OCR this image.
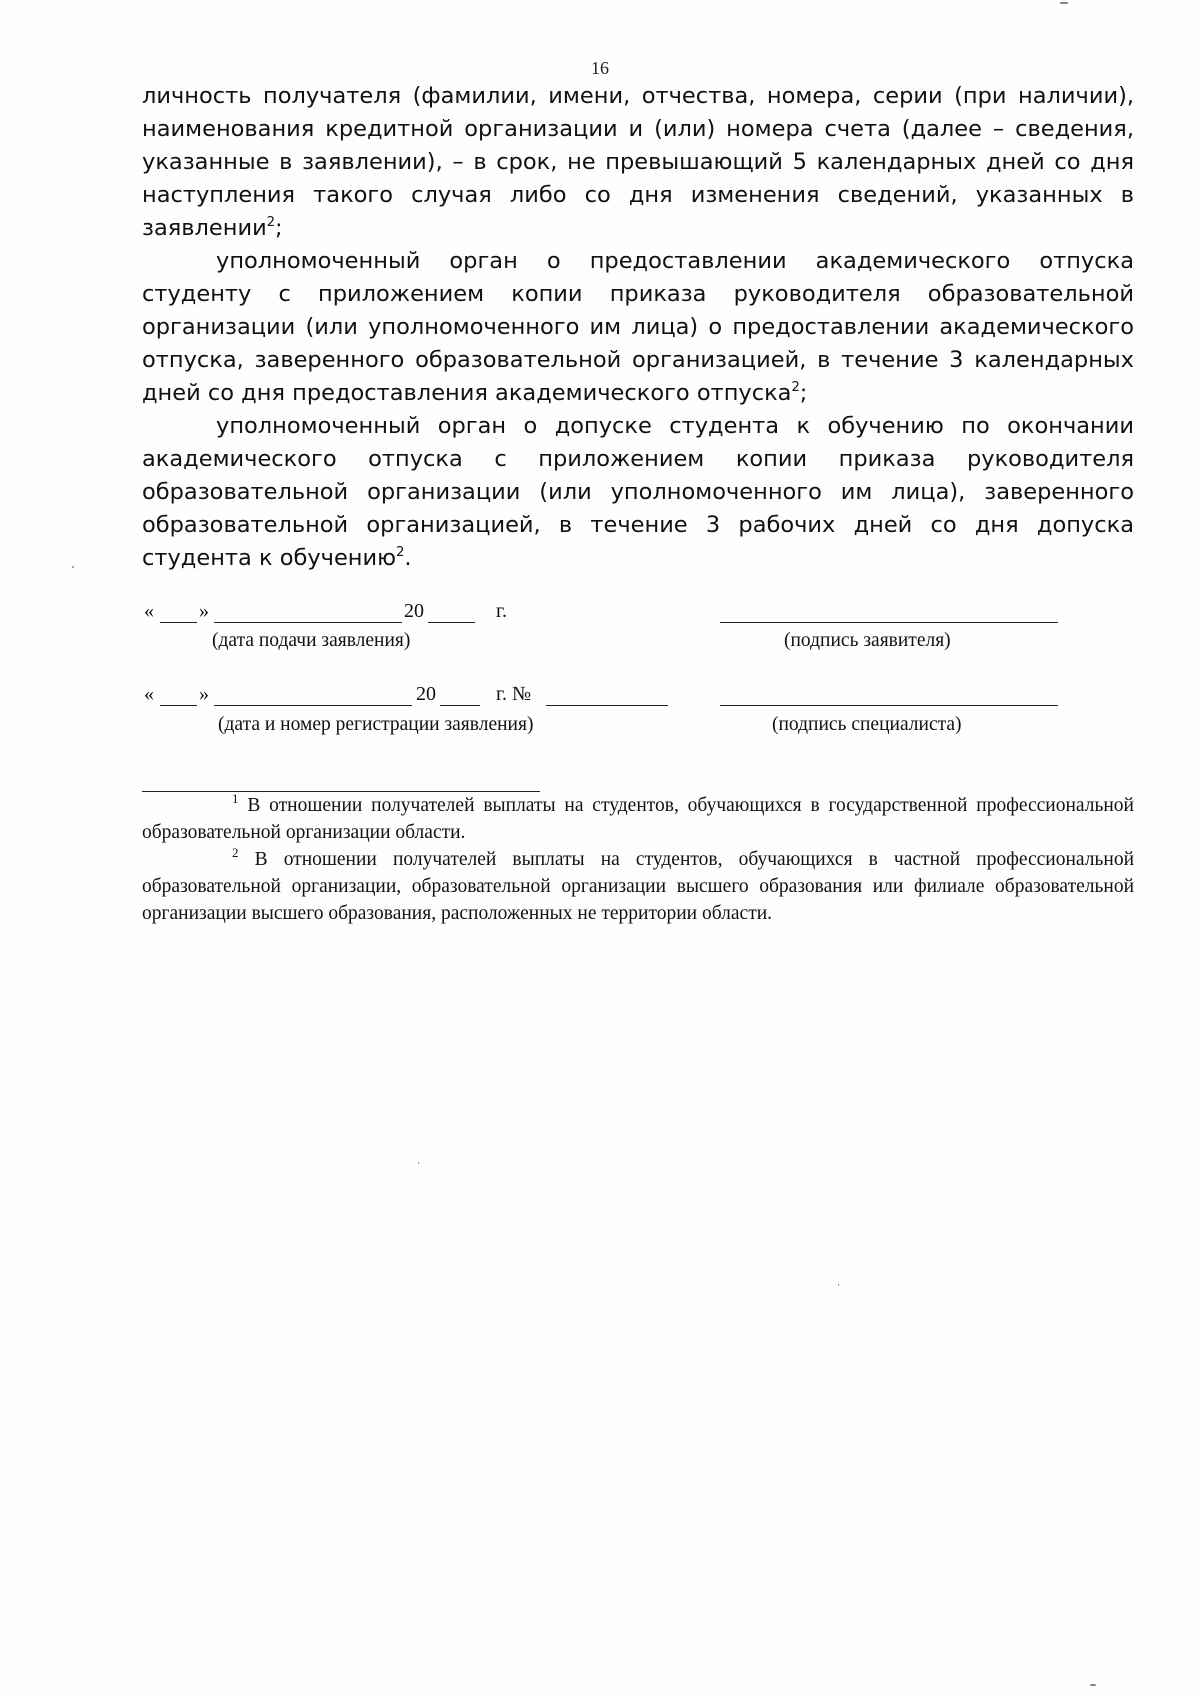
16

личность получателя (фамилии, имени, отчества, номера, серии (при наличии), наименования кредитной организации и (или) номера счета (далее – сведения, указанные в заявлении), – в срок, не превышающий 5 календарных дней со дня наступления такого случая либо со дня изменения сведений, указанных в заявлении$^2$;

уполномоченный орган о предоставлении академического отпуска студенту с приложением копии приказа руководителя образовательной организации (или уполномоченного им лица) о предоставлении академического отпуска, заверенного образовательной организацией, в течение 3 календарных дней со дня предоставления академического отпуска$^2$;

уполномоченный орган о допуске студента к обучению по окончании академического отпуска с приложением копии приказа руководителя образовательной организации (или уполномоченного им лица), заверенного образовательной организацией, в течение 3 рабочих дней со дня допуска студента к обучению$^2$.

« »	20	г.
(дата подачи заявления)	(подпись заявителя)
« »	20	г. №
(дата и номер регистрации заявления)	(подпись специалиста)

$^1$ В отношении получателей выплаты на студентов, обучающихся в государственной профессиональной образовательной организации области.

$^2$ В отношении получателей выплаты на студентов, обучающихся в частной профессиональной образовательной организации, образовательной организации высшего образования или филиале образовательной организации высшего образования, расположенных не территории области.
